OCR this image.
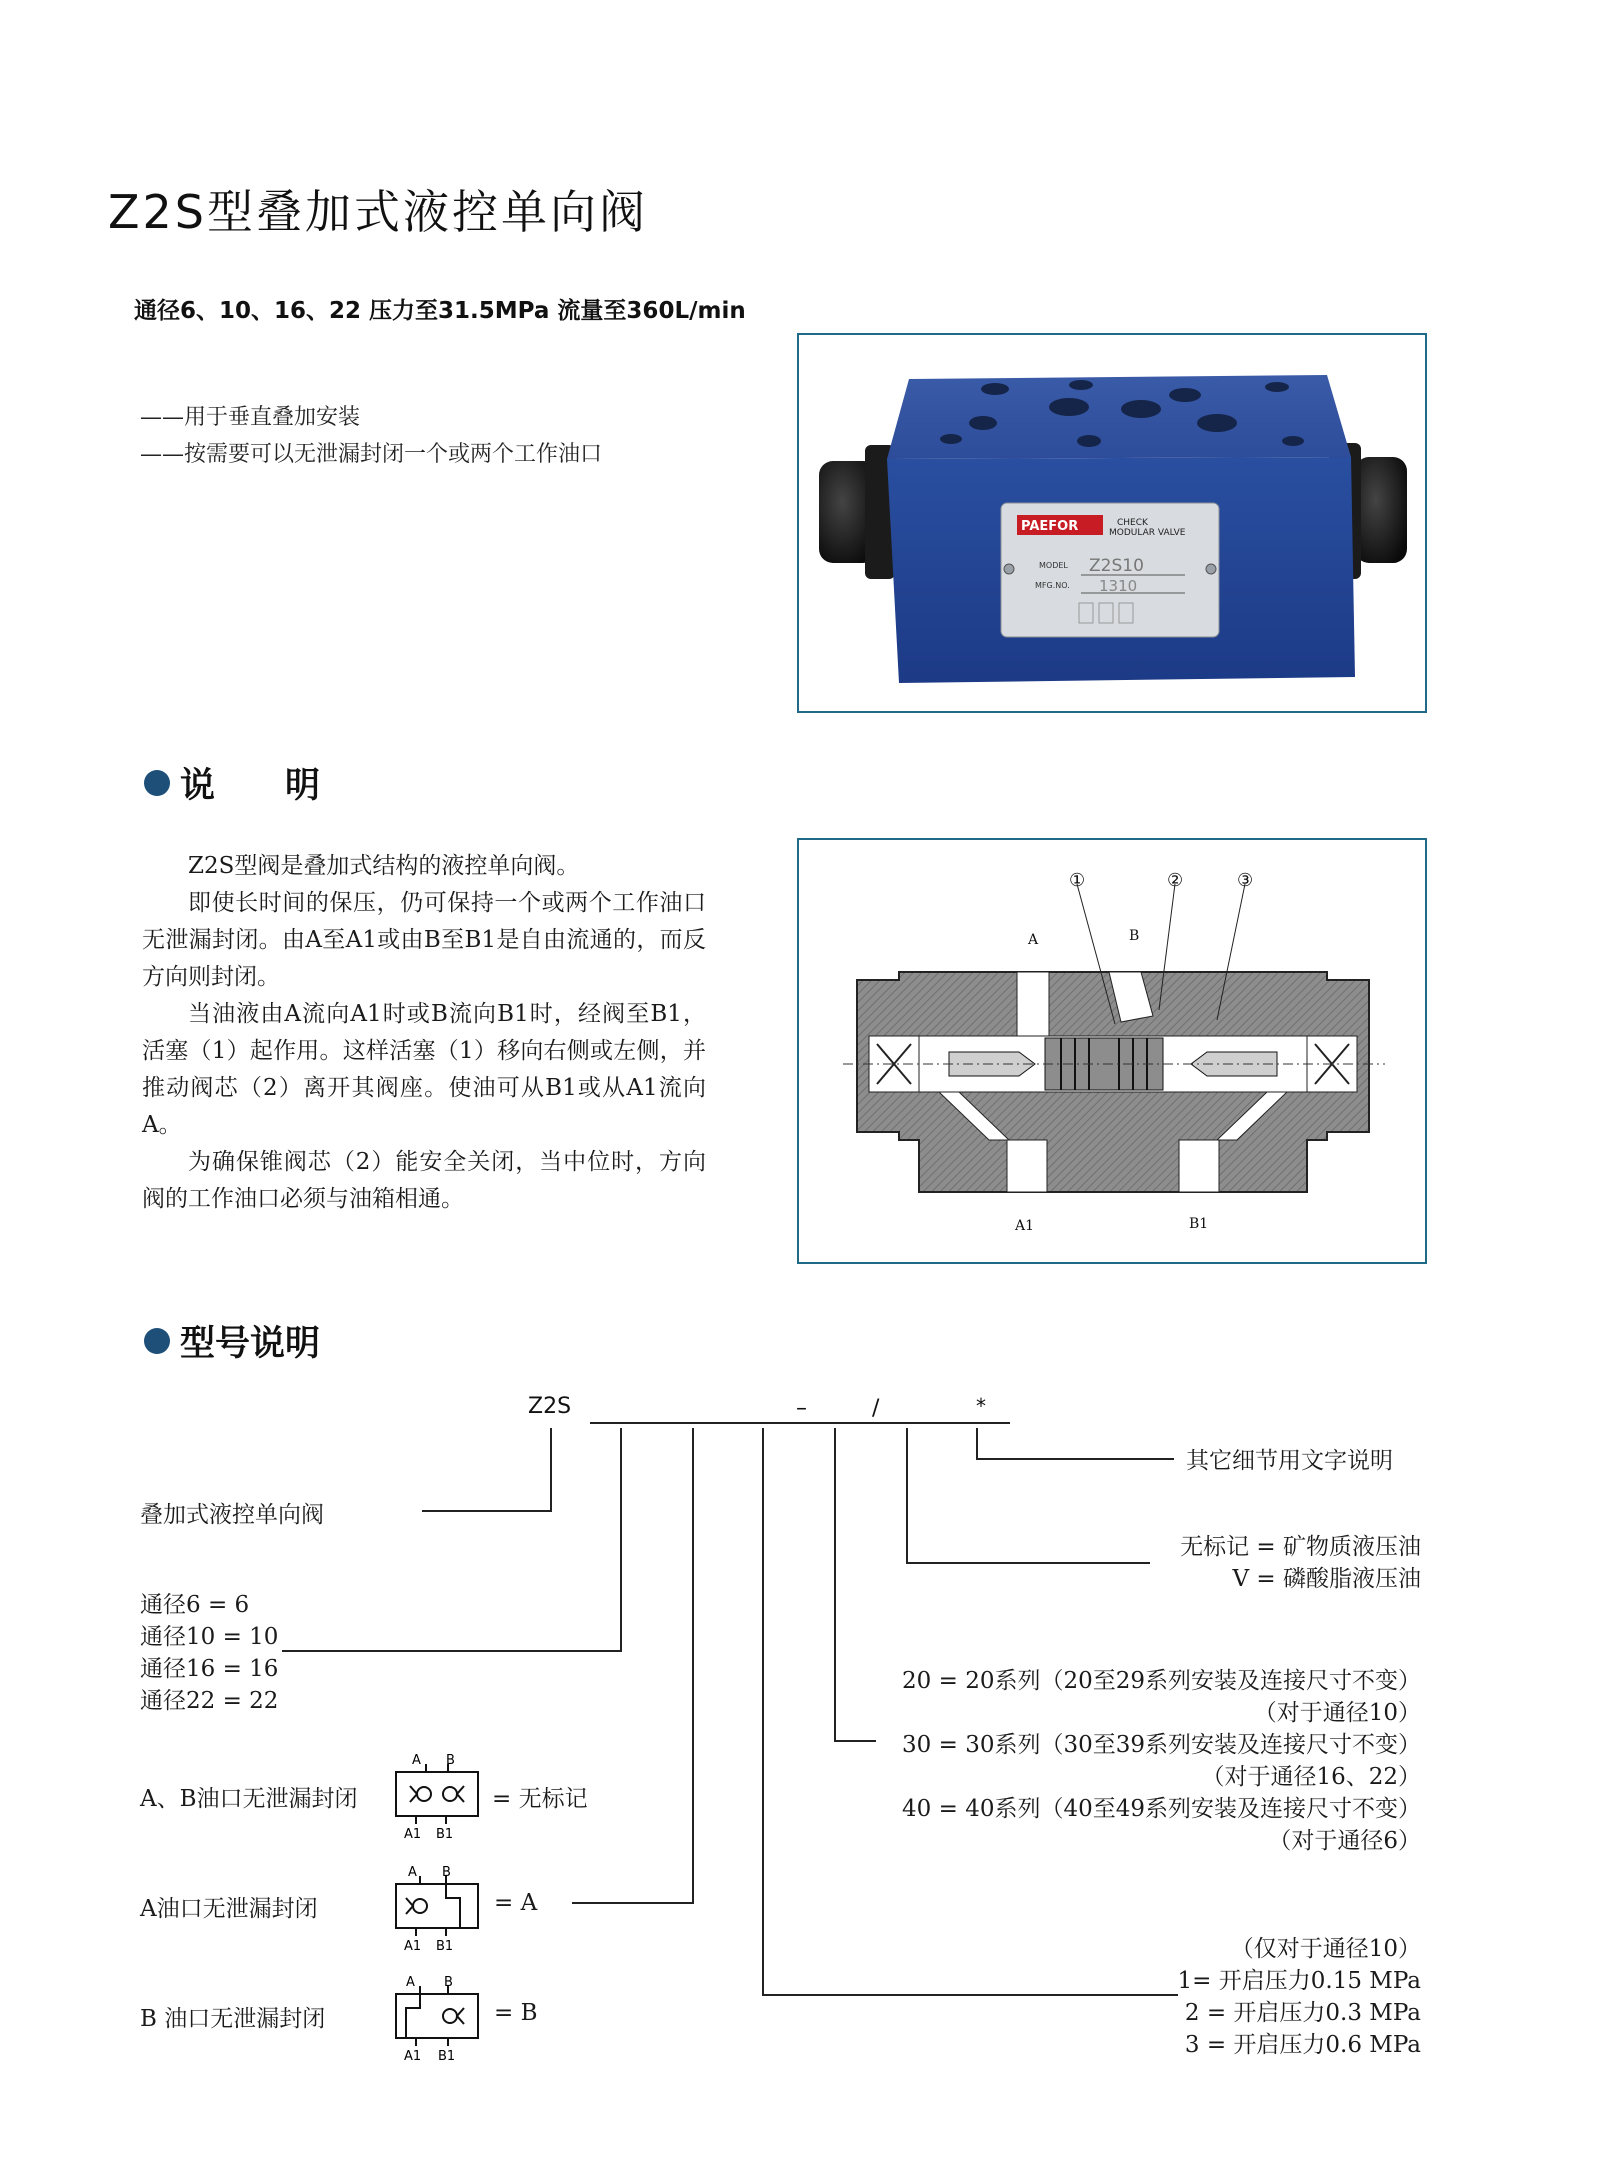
Z2S型叠加式液控单向阀
通径6、10、16、22 压力至31.5MPa 流量至360L/min
——用于垂直叠加安装
——按需要可以无泄漏封闭一个或两个工作油口
PAEFOR	CHECK
MODULAR VALVE
MODEL Z2S10
MFG.NO. 1310
说　　明

Z2S型阀是叠加式结构的液控单向阀。

即使长时间的保压，仍可保持一个或两个工作油口无泄漏封闭。由A至A1或由B至B1是自由流通的，而反方向则封闭。

当油液由A流向A1时或B流向B1时，经阀至B1，活塞（1）起作用。这样活塞（1）移向右侧或左侧，并推动阀芯（2）离开其阀座。使油可从B1或从A1流向A。

为确保锥阀芯（2）能安全关闭，当中位时，方向阀的工作油口必须与油箱相通。

①	②	③
A	B
A1	B1
型号说明
Z2S	–	/	*
其它细节用文字说明
无标记 = 矿物质液压油
V = 磷酸脂液压油
20 = 20系列（20至29系列安装及连接尺寸不变）
（对于通径10）
30 = 30系列（30至39系列安装及连接尺寸不变）
（对于通径16、22）
40 = 40系列（40至49系列安装及连接尺寸不变）
（对于通径6）
（仅对于通径10）
1= 开启压力0.15 MPa
2 = 开启压力0.3 MPa
3 = 开启压力0.6 MPa
叠加式液控单向阀
通径6 = 6
通径10 = 10
通径16 = 16
通径22 = 22
A、B油口无泄漏封闭	= 无标记
A B
A1 B1
A油口无泄漏封闭	= A
A B
A1 B1
B 油口无泄漏封闭	= B
A B
A1 B1
